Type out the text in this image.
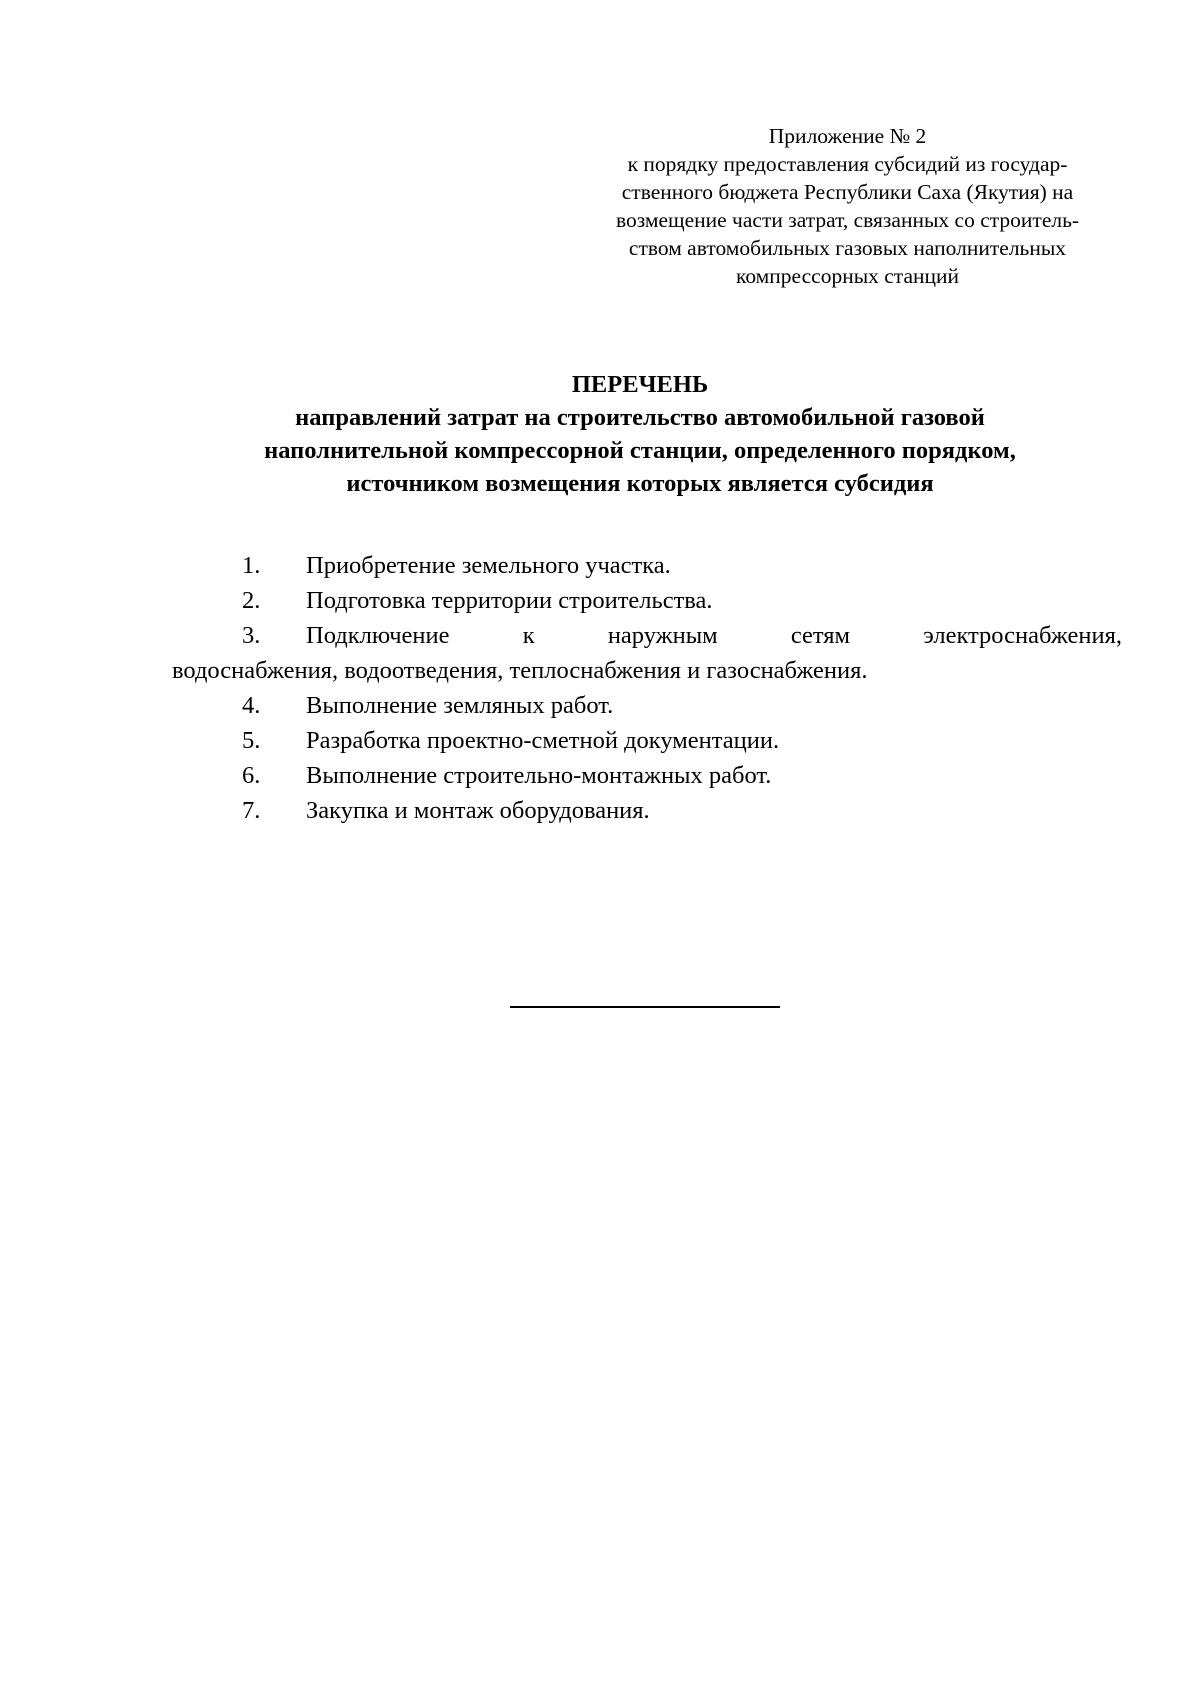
Приложение № 2
к порядку предоставления субсидий из государ-
ственного бюджета Республики Саха (Якутия) на
возмещение части затрат, связанных со строитель-
ством автомобильных газовых наполнительных
компрессорных станций
ПЕРЕЧЕНЬ
направлений затрат на строительство автомобильной газовой
наполнительной компрессорной станции, определенного порядком,
источником возмещения которых является субсидия
1. Приобретение земельного участка.
2. Подготовка территории строительства.
3.	Подключение	к	наружным	сетям	электроснабжения,
водоснабжения, водоотведения, теплоснабжения и газоснабжения.
4. Выполнение земляных работ.
5. Разработка проектно-сметной документации.
6. Выполнение строительно-монтажных работ.
7. Закупка и монтаж оборудования.
